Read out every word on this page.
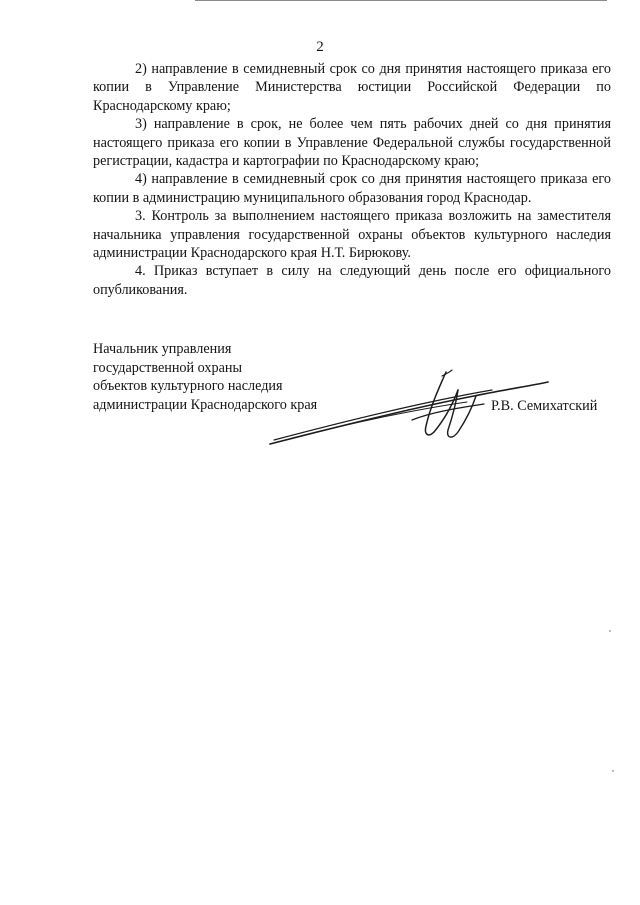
2

2) направление в семидневный срок со дня принятия настоящего приказа его копии в Управление Министерства юстиции Российской Федерации по Краснодарскому краю;

3) направление в срок, не более чем пять рабочих дней со дня принятия настоящего приказа его копии в Управление Федеральной службы государственной регистрации, кадастра и картографии по Краснодарскому краю;

4) направление в семидневный срок со дня принятия настоящего приказа его копии в администрацию муниципального образования город Краснодар.

3. Контроль за выполнением настоящего приказа возложить на заместителя начальника управления государственной охраны объектов культурного наследия администрации Краснодарского края Н.Т. Бирюкову.

4. Приказ вступает в силу на следующий день после его официального опубликования.

Начальник управления
государственной охраны
объектов культурного наследия
администрации Краснодарского края	Р.В. Семихатский
